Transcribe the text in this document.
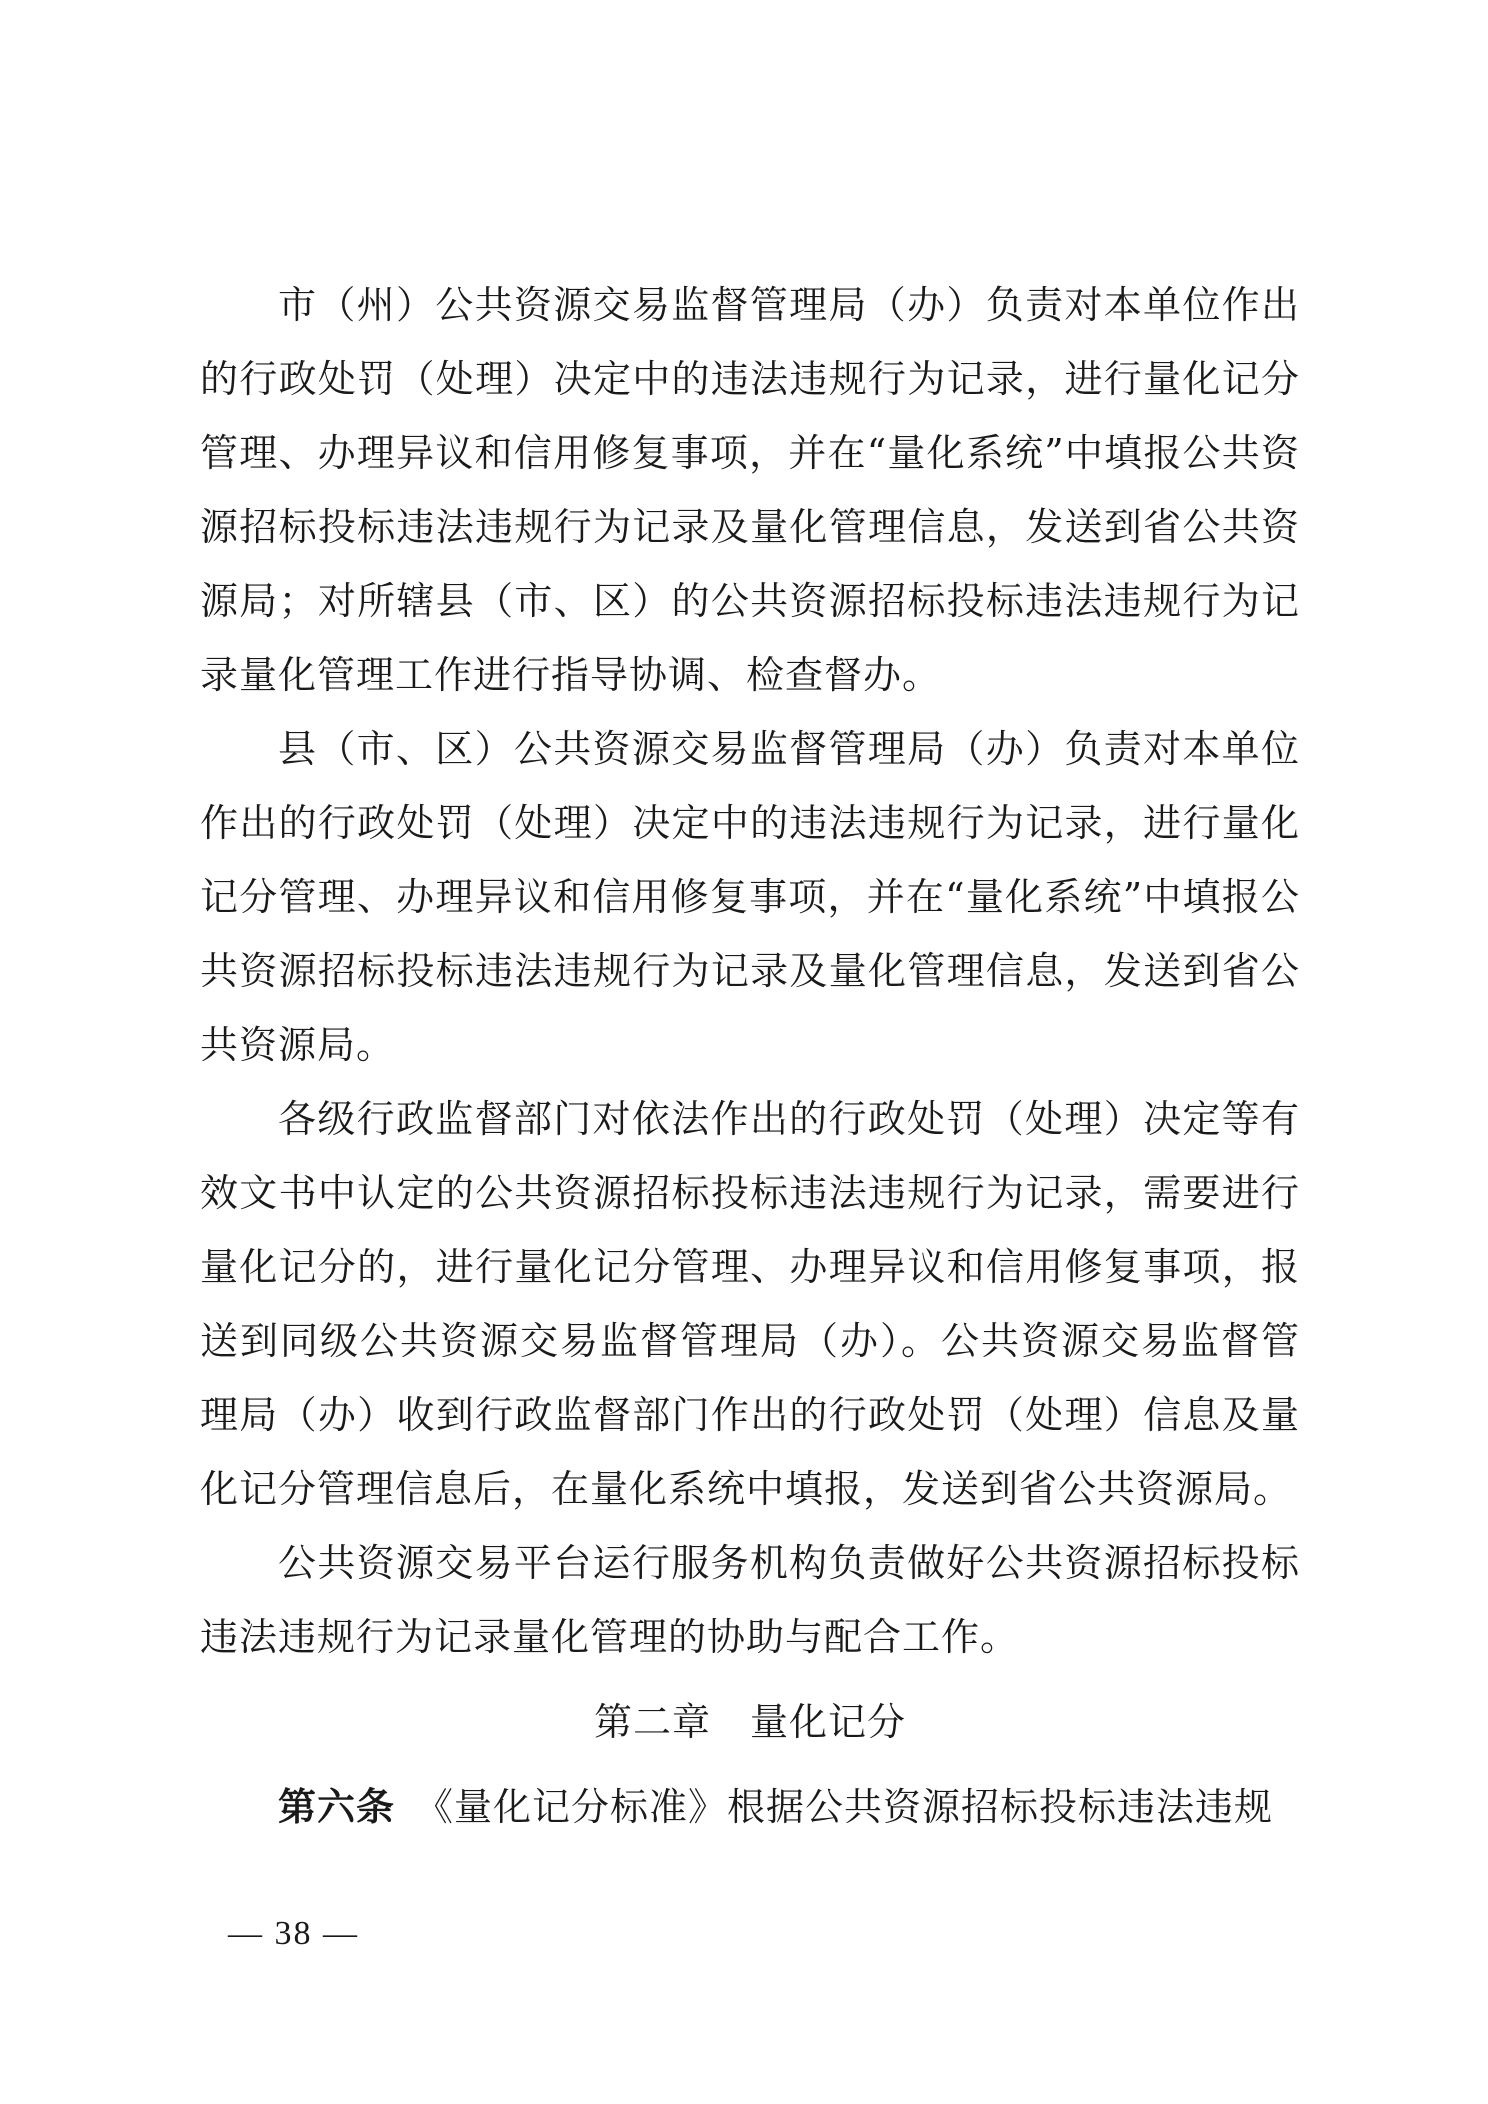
市（州）公共资源交易监督管理局（办）负责对本单位作出的行政处罚（处理）决定中的违法违规行为记录，进行量化记分管理、办理异议和信用修复事项，并在“量化系统”中填报公共资源招标投标违法违规行为记录及量化管理信息，发送到省公共资源局；对所辖县（市、区）的公共资源招标投标违法违规行为记录量化管理工作进行指导协调、检查督办。

县（市、区）公共资源交易监督管理局（办）负责对本单位作出的行政处罚（处理）决定中的违法违规行为记录，进行量化记分管理、办理异议和信用修复事项，并在“量化系统”中填报公共资源招标投标违法违规行为记录及量化管理信息，发送到省公共资源局。

各级行政监督部门对依法作出的行政处罚（处理）决定等有效文书中认定的公共资源招标投标违法违规行为记录，需要进行量化记分的，进行量化记分管理、办理异议和信用修复事项，报送到同级公共资源交易监督管理局（办）。公共资源交易监督管理局（办）收到行政监督部门作出的行政处罚（处理）信息及量化记分管理信息后，在量化系统中填报，发送到省公共资源局。

公共资源交易平台运行服务机构负责做好公共资源招标投标违法违规行为记录量化管理的协助与配合工作。

第二章　量化记分

第六条　 《量化记分标准》根据公共资源招标投标违法违规

— 38 —
